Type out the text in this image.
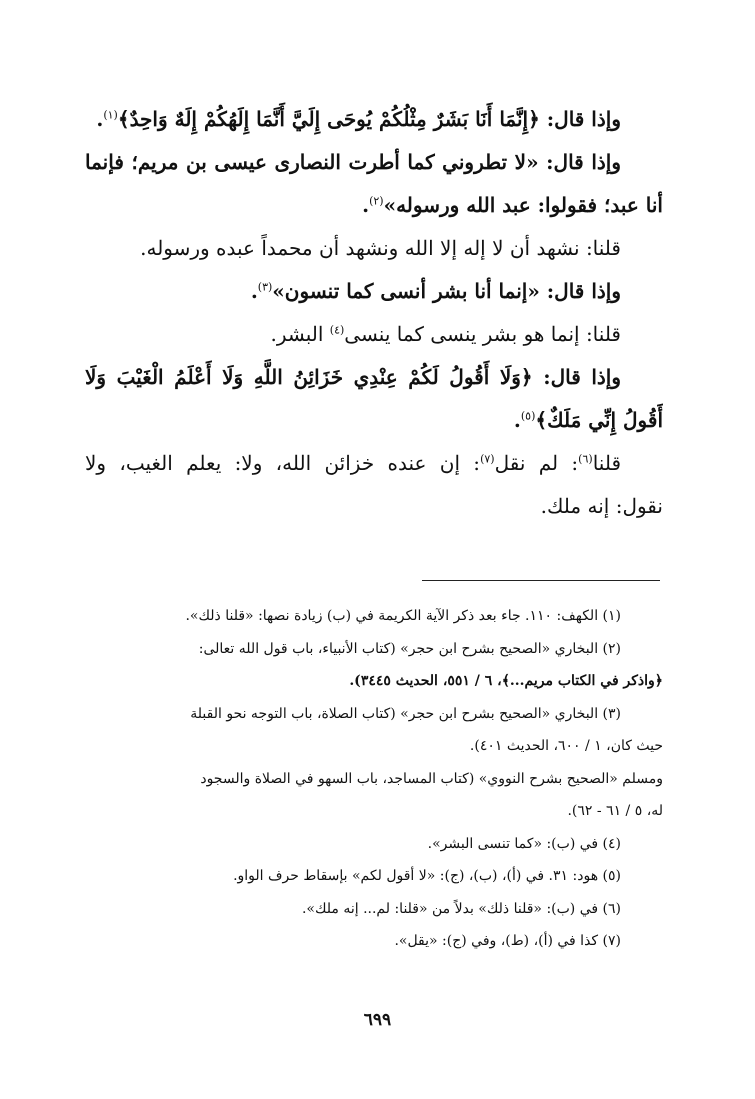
وإذا قال: ﴿إِنَّمَا أَنَا بَشَرٌ مِثْلُكُمْ يُوحَى إِلَيَّ أَنَّمَا إِلَهُكُمْ إِلَهٌ وَاحِدٌ﴾$^{(١)}$.
وإذا قال: «لا تطروني كما أطرت النصارى عيسى بن مريم؛ فإنما
أنا عبد؛ فقولوا: عبد الله ورسوله»$^{(٢)}$.
قلنا: نشهد أن لا إله إلا الله ونشهد أن محمداً عبده ورسوله.
وإذا قال: «إنما أنا بشر أنسى كما تنسون»$^{(٣)}$.
قلنا: إنما هو بشر ينسى كما ينسى$^{(٤)}$ البشر.
وإذا قال: ﴿وَلَا أَقُولُ لَكُمْ عِنْدِي خَزَائِنُ اللَّهِ وَلَا أَعْلَمُ الْغَيْبَ وَلَا
أَقُولُ إِنِّي مَلَكٌ﴾$^{(٥)}$.
قلنا$^{(٦)}$: لم نقل$^{(٧)}$: إن عنده خزائن الله، ولا: يعلم الغيب، ولا
نقول: إنه ملك.
(١) الكهف: ١١٠. جاء بعد ذكر الآية الكريمة في (ب) زيادة نصها: «قلنا ذلك».
(٢) البخاري «الصحيح بشرح ابن حجر» (كتاب الأنبياء، باب قول الله تعالى:
﴿واذكر في الكتاب مريم...﴾، ٦ / ٥٥١، الحديث ٣٤٤٥).
(٣) البخاري «الصحيح بشرح ابن حجر» (كتاب الصلاة، باب التوجه نحو القبلة
حيث كان، ١ / ٦٠٠، الحديث ٤٠١).
ومسلم «الصحيح بشرح النووي» (كتاب المساجد، باب السهو في الصلاة والسجود
له، ٥ / ٦١ - ٦٢).
(٤) في (ب): «كما تنسى البشر».
(٥) هود: ٣١. في (أ)، (ب)، (ج): «لا أقول لكم» بإسقاط حرف الواو.
(٦) في (ب): «قلنا ذلك» بدلاً من «قلنا: لم... إنه ملك».
(٧) كذا في (أ)، (ط)، وفي (ج): «يقل».
٦٩٩
